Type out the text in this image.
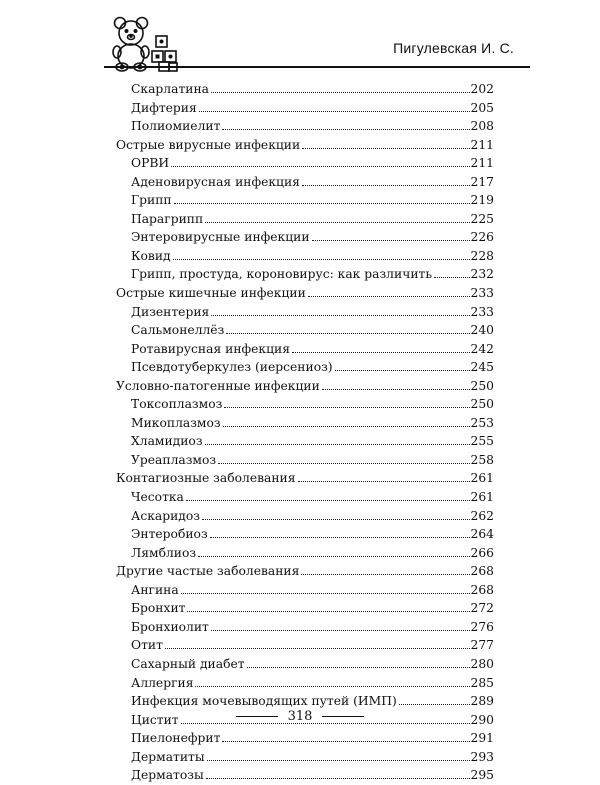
Пигулевская И. С.
Скарлатина	202
Дифтерия	205
Полиомиелит	208
Острые вирусные инфекции	211
ОРВИ	211
Аденовирусная инфекция	217
Грипп	219
Парагрипп	225
Энтеровирусные инфекции	226
Ковид	228
Грипп, простуда, короновирус: как различить	232
Острые кишечные инфекции	233
Дизентерия	233
Сальмонеллёз	240
Ротавирусная инфекция	242
Псевдотуберкулез (иерсениоз)	245
Условно-патогенные инфекции	250
Токсоплазмоз	250
Микоплазмоз	253
Хламидиоз	255
Уреаплазмоз	258
Контагиозные заболевания	261
Чесотка	261
Аскаридоз	262
Энтеробиоз	264
Лямблиоз	266
Другие частые заболевания	268
Ангина	268
Бронхит	272
Бронхиолит	276
Отит	277
Сахарный диабет	280
Аллергия	285
Инфекция мочевыводящих путей (ИМП)	289
Цистит	290
Пиелонефрит	291
Дерматиты	293
Дерматозы	295
318
